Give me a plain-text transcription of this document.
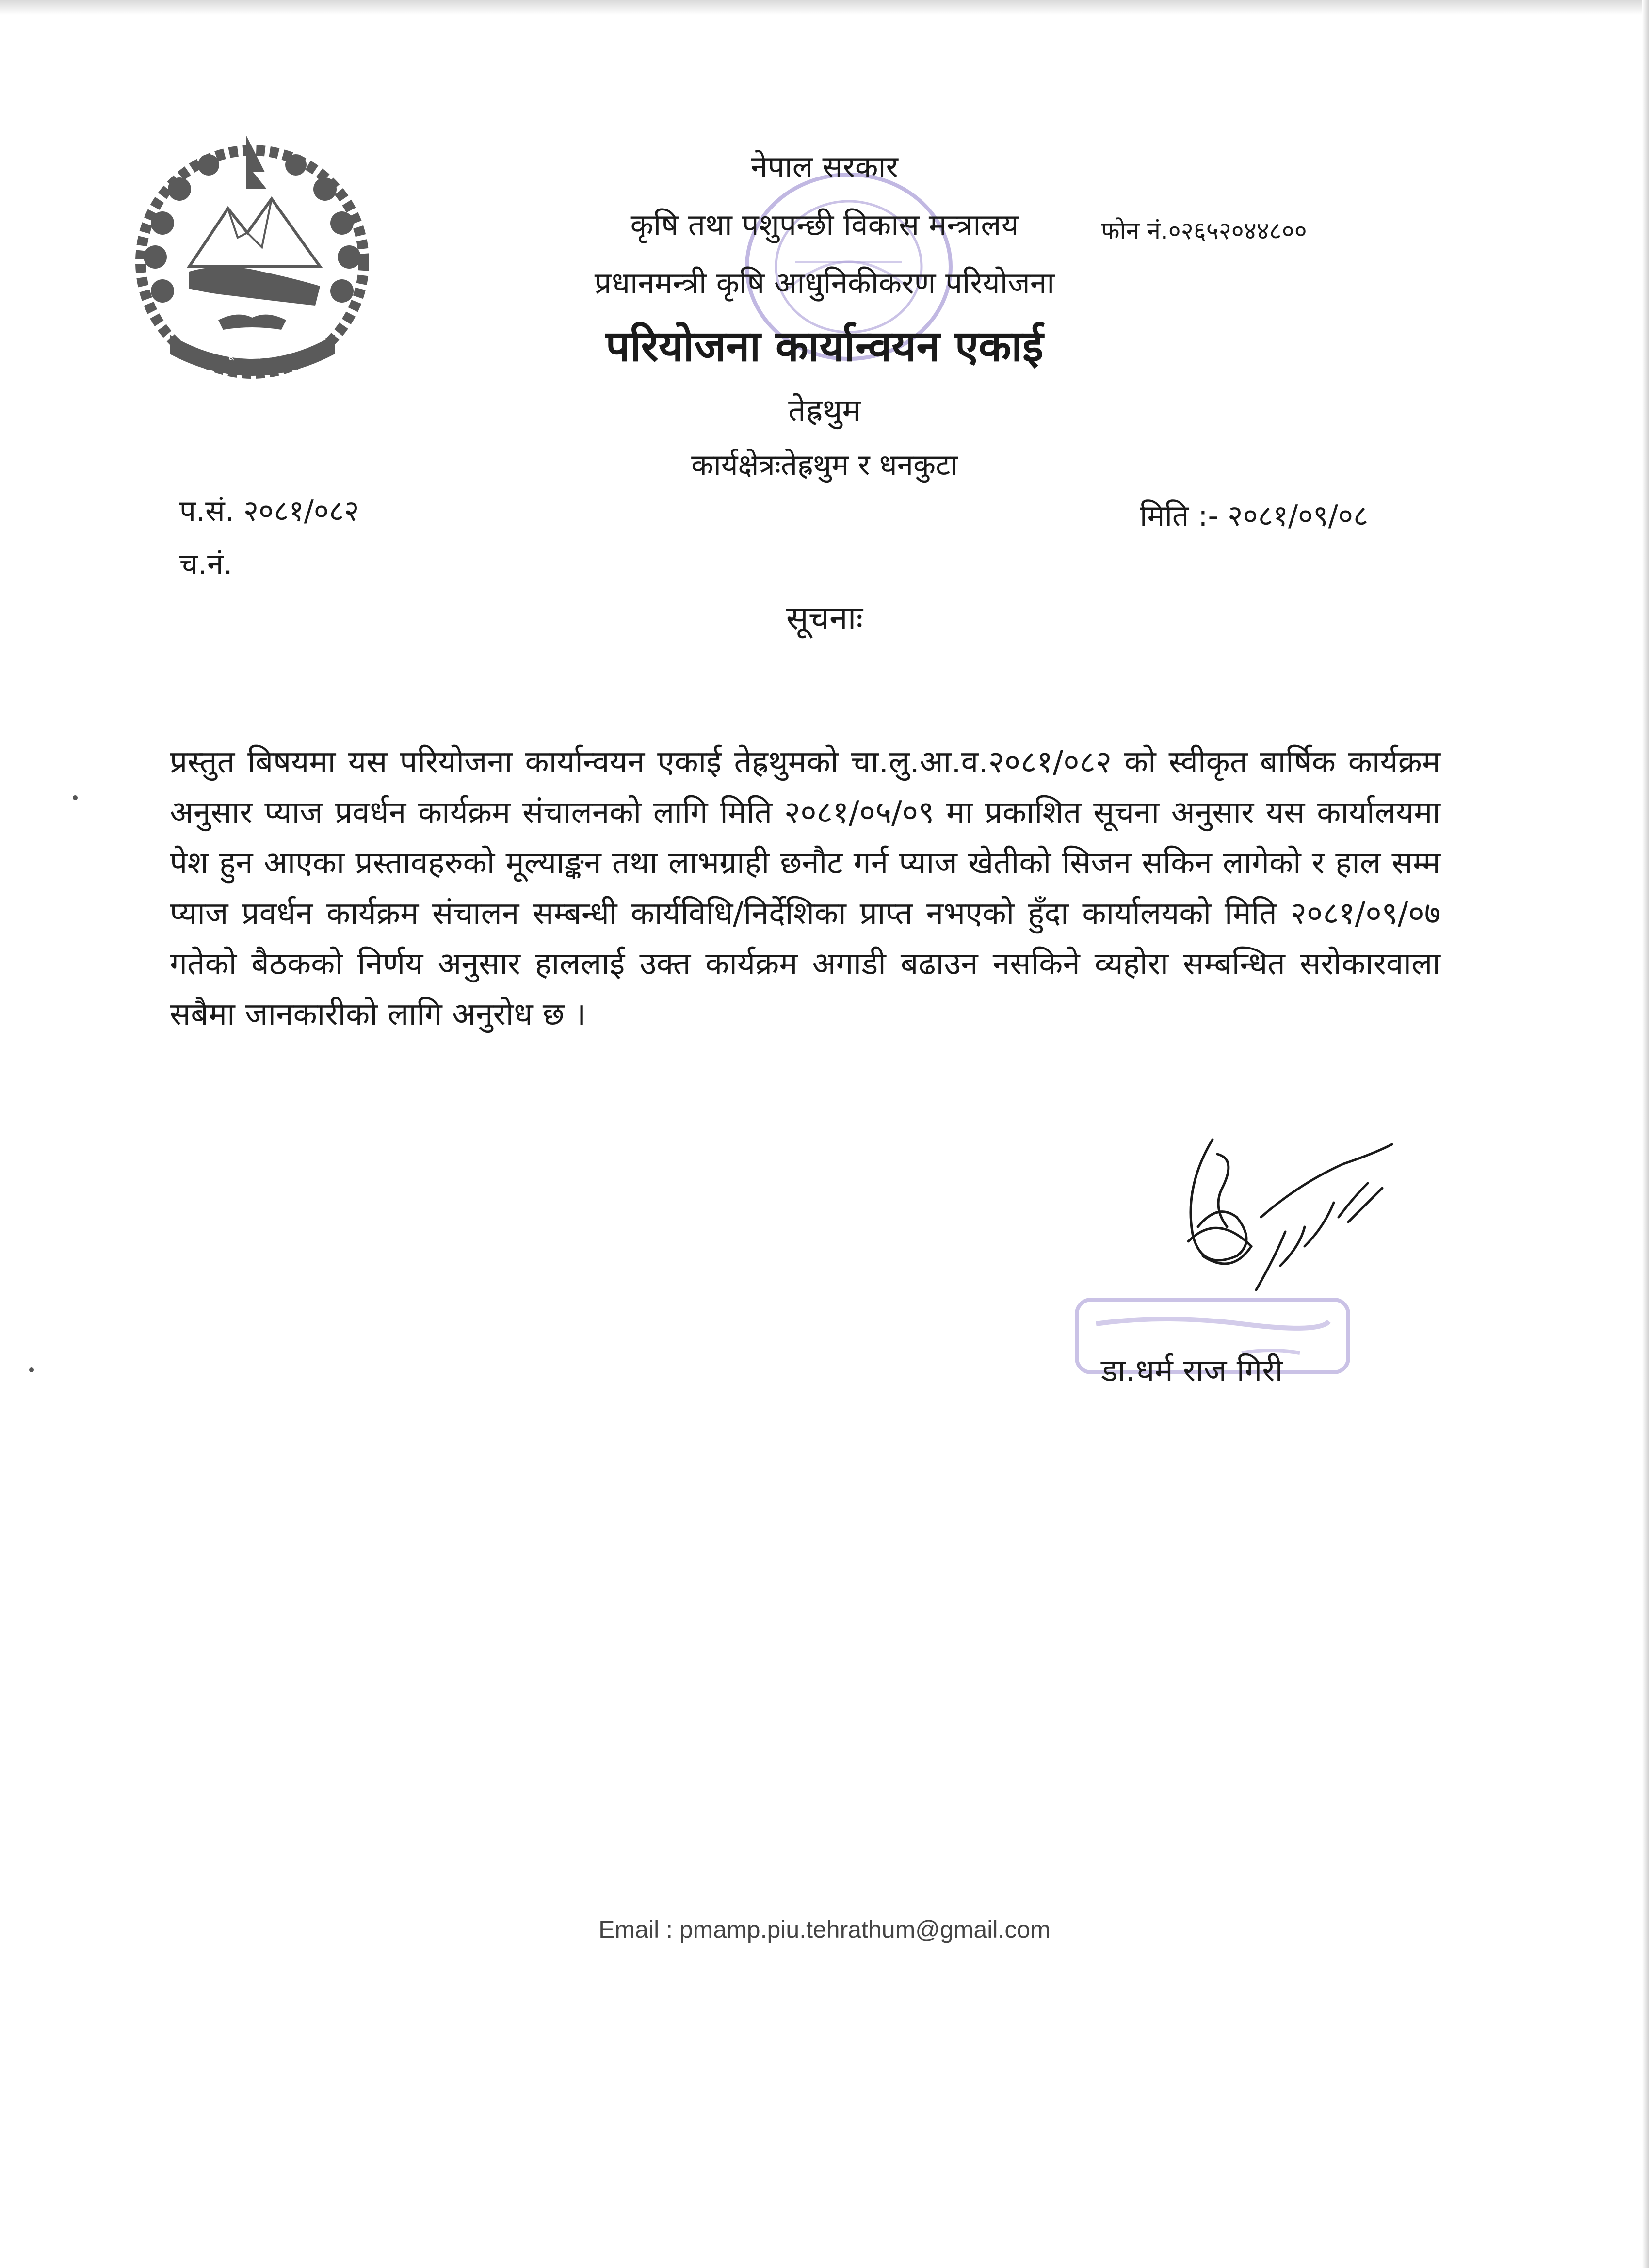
जननी जन्मभूमिश्च स्वर्गादपि गरीयसी
नेपाल सरकार
कृषि तथा पशुपन्छी विकास मन्त्रालय
प्रधानमन्त्री कृषि आधुनिकीकरण परियोजना
परियोजना कार्यान्वयन एकाई
तेह्रथुम
कार्यक्षेत्रःतेह्रथुम र धनकुटा
फोन नं.०२६५२०४४८००
प.सं. २०८१/०८२
च.नं.
मिति :- २०८१/०९/०८
सूचनाः
प्रस्तुत बिषयमा यस परियोजना कार्यान्वयन एकाई तेह्रथुमको चा.लु.आ.व.२०८१/०८२ को स्वीकृत बार्षिक कार्यक्रम अनुसार प्याज प्रवर्धन कार्यक्रम संचालनको लागि मिति २०८१/०५/०९ मा प्रकाशित सूचना अनुसार यस कार्यालयमा पेश हुन आएका प्रस्तावहरुको मूल्याङ्कन तथा लाभग्राही छनौट गर्न प्याज खेतीको सिजन सकिन लागेको र हाल सम्म प्याज प्रवर्धन कार्यक्रम संचालन सम्बन्धी कार्यविधि/निर्देशिका प्राप्त नभएको हुँदा कार्यालयको मिति २०८१/०९/०७ गतेको बैठकको निर्णय अनुसार हाललाई उक्त कार्यक्रम अगाडी बढाउन नसकिने व्यहोरा सम्बन्धित सरोकारवाला सबैमा जानकारीको लागि अनुरोध छ ।
डा.धर्म राज गिरी
Email : pmamp.piu.tehrathum@gmail.com
